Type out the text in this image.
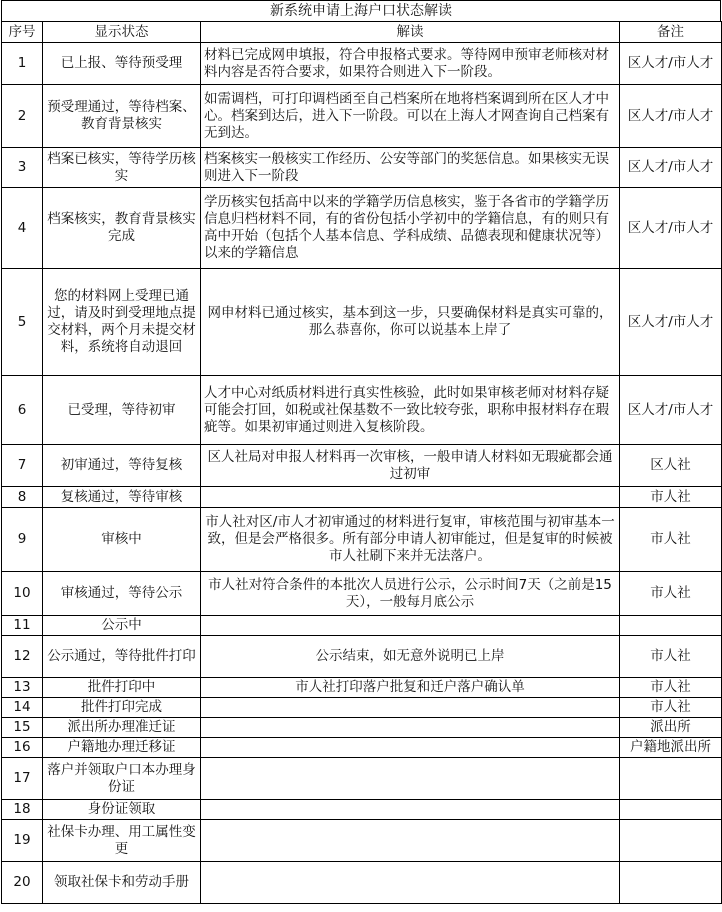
新系统申请上海户口状态解读
序号	显示状态	解读	备注
1	已上报、等待预受理	材料已完成网申填报，符合申报格式要求。等待网申预审老师核对材料内容是否符合要求，如果符合则进入下一阶段。	区人才/市人才
2	预受理通过，等待档案、教育背景核实	如需调档，可打印调档函至自己档案所在地将档案调到所在区人才中心。档案到达后，进入下一阶段。可以在上海人才网查询自己档案有无到达。	区人才/市人才
3	档案已核实，等待学历核实	档案核实一般核实工作经历、公安等部门的奖惩信息。如果核实无误则进入下一阶段	区人才/市人才
4	档案核实，教育背景核实完成	学历核实包括高中以来的学籍学历信息核实，鉴于各省市的学籍学历信息归档材料不同，有的省份包括小学初中的学籍信息，有的则只有高中开始（包括个人基本信息、学科成绩、品德表现和健康状况等）以来的学籍信息	区人才/市人才
5	您的材料网上受理已通过，请及时到受理地点提交材料，两个月未提交材料，系统将自动退回	网申材料已通过核实，基本到这一步，只要确保材料是真实可靠的，那么恭喜你，你可以说基本上岸了	区人才/市人才
6	已受理，等待初审	人才中心对纸质材料进行真实性核验，此时如果审核老师对材料存疑可能会打回，如税或社保基数不一致比较夸张，职称申报材料存在瑕疵等。如果初审通过则进入复核阶段。	区人才/市人才
7	初审通过，等待复核	区人社局对申报人材料再一次审核，一般申请人材料如无瑕疵都会通过初审	区人社
8	复核通过，等待审核		市人社
9	审核中	市人社对区/市人才初审通过的材料进行复审，审核范围与初审基本一致，但是会严格很多。所有部分申请人初审能过，但是复审的时候被市人社刷下来并无法落户。	市人社
10	审核通过，等待公示	市人社对符合条件的本批次人员进行公示，公示时间7天（之前是15天），一般每月底公示	市人社
11	公示中		
12	公示通过，等待批件打印	公示结束，如无意外说明已上岸	市人社
13	批件打印中	市人社打印落户批复和迁户落户确认单	市人社
14	批件打印完成		市人社
15	派出所办理准迁证		派出所
16	户籍地办理迁移证		户籍地派出所
17	落户并领取户口本办理身份证		
18	身份证领取		
19	社保卡办理、用工属性变更		
20	领取社保卡和劳动手册		
